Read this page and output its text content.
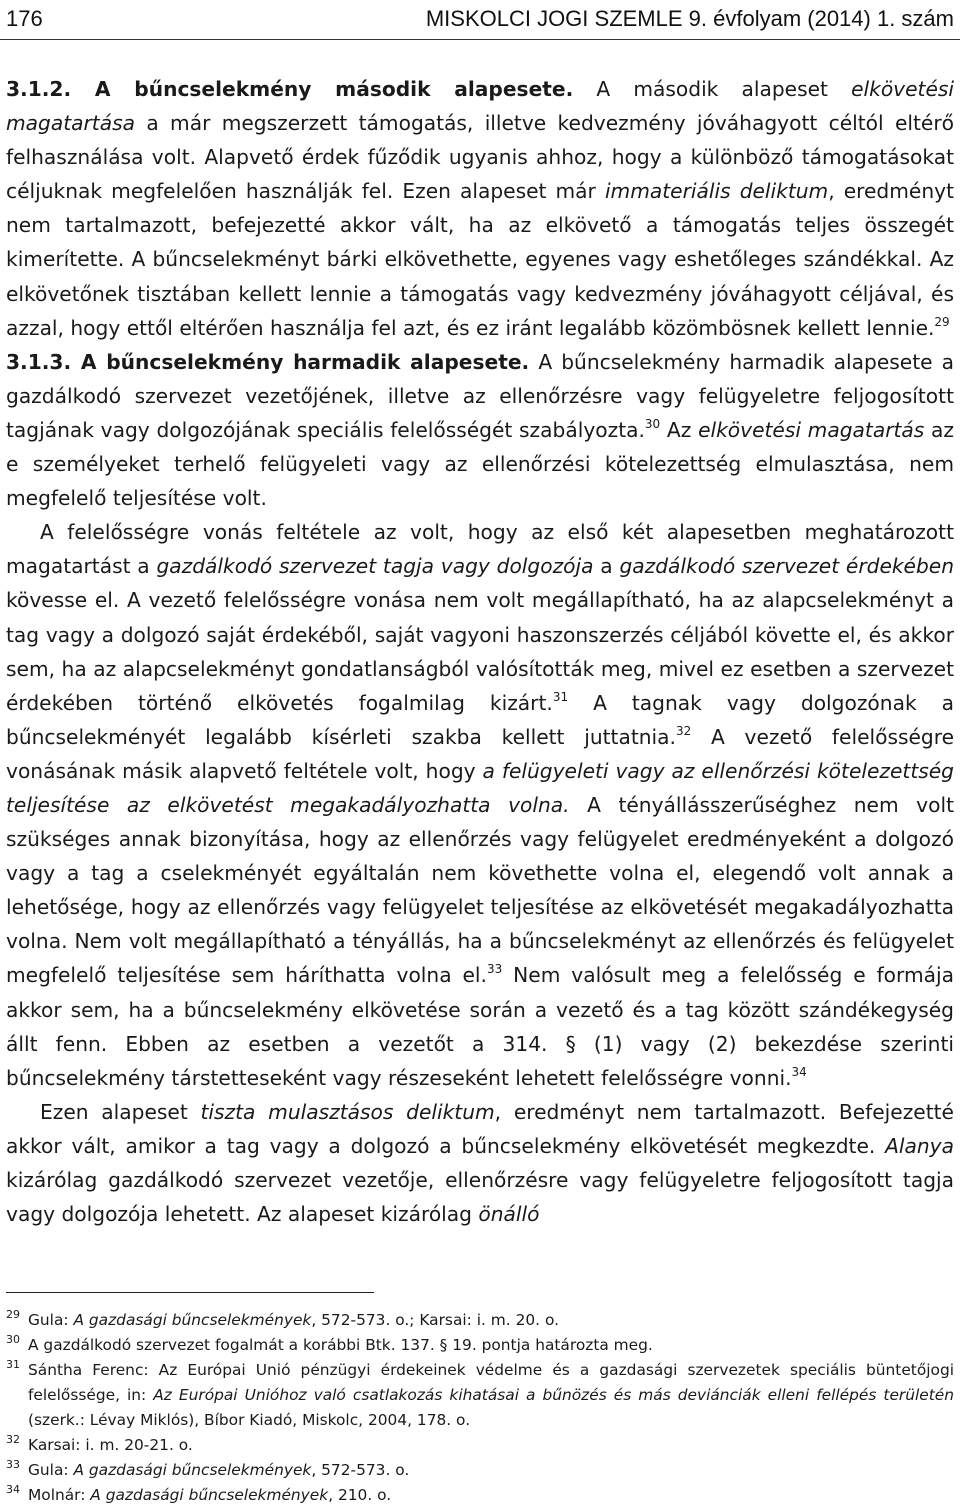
176	MISKOLCI JOGI SZEMLE 9. évfolyam (2014) 1. szám

3.1.2. A bűncselekmény második alapesete. A második alapeset elkövetési magatartása a már megszerzett támogatás, illetve kedvezmény jóváhagyott céltól eltérő felhasználása volt. Alapvető érdek fűződik ugyanis ahhoz, hogy a különböző támogatásokat céljuknak megfelelően használják fel. Ezen alapeset már immateriális deliktum, eredményt nem tartalmazott, befejezetté akkor vált, ha az elkövető a támogatás teljes összegét kimerítette. A bűncselekményt bárki elkövethette, egyenes vagy eshetőleges szándékkal. Az elkövetőnek tisztában kellett lennie a támogatás vagy kedvezmény jóváhagyott céljával, és azzal, hogy ettől eltérően használja fel azt, és ez iránt legalább közömbösnek kellett lennie.$^{29}$

3.1.3. A bűncselekmény harmadik alapesete. A bűncselekmény harmadik alapesete a gazdálkodó szervezet vezetőjének, illetve az ellenőrzésre vagy felügyeletre feljogosított tagjának vagy dolgozójának speciális felelősségét szabályozta.$^{30}$ Az elkövetési magatartás az e személyeket terhelő felügyeleti vagy az ellenőrzési kötelezettség elmulasztása, nem megfelelő teljesítése volt.

A felelősségre vonás feltétele az volt, hogy az első két alapesetben meghatározott magatartást a gazdálkodó szervezet tagja vagy dolgozója a gazdálkodó szervezet érdekében kövesse el. A vezető felelősségre vonása nem volt megállapítható, ha az alapcselekményt a tag vagy a dolgozó saját érdekéből, saját vagyoni haszonszerzés céljából követte el, és akkor sem, ha az alapcselekményt gondatlanságból valósították meg, mivel ez esetben a szervezet érdekében történő elkövetés fogalmilag kizárt.$^{31}$ A tagnak vagy dolgozónak a bűncselekményét legalább kísérleti szakba kellett juttatnia.$^{32}$ A vezető felelősségre vonásának másik alapvető feltétele volt, hogy a felügyeleti vagy az ellenőrzési kötelezettség teljesítése az elkövetést megakadályozhatta volna. A tényállásszerűséghez nem volt szükséges annak bizonyítása, hogy az ellenőrzés vagy felügyelet eredményeként a dolgozó vagy a tag a cselekményét egyáltalán nem követhette volna el, elegendő volt annak a lehetősége, hogy az ellenőrzés vagy felügyelet teljesítése az elkövetését megakadályozhatta volna. Nem volt megállapítható a tényállás, ha a bűncselekményt az ellenőrzés és felügyelet megfelelő teljesítése sem háríthatta volna el.$^{33}$ Nem valósult meg a felelősség e formája akkor sem, ha a bűncselekmény elkövetése során a vezető és a tag között szándékegység állt fenn. Ebben az esetben a vezetőt a 314. § (1) vagy (2) bekezdése szerinti bűncselekmény társtetteseként vagy részeseként lehetett felelősségre vonni.$^{34}$

Ezen alapeset tiszta mulasztásos deliktum, eredményt nem tartalmazott. Befejezetté akkor vált, amikor a tag vagy a dolgozó a bűncselekmény elkövetését megkezdte. Alanya kizárólag gazdálkodó szervezet vezetője, ellenőrzésre vagy felügyeletre feljogosított tagja vagy dolgozója lehetett. Az alapeset kizárólag önálló

29 Gula: A gazdasági bűncselekmények, 572-573. o.; Karsai: i. m. 20. o.
30 A gazdálkodó szervezet fogalmát a korábbi Btk. 137. § 19. pontja határozta meg.
31 Sántha Ferenc: Az Európai Unió pénzügyi érdekeinek védelme és a gazdasági szervezetek speciális büntetőjogi felelőssége, in: Az Európai Unióhoz való csatlakozás kihatásai a bűnözés és más deviánciák elleni fellépés területén (szerk.: Lévay Miklós), Bíbor Kiadó, Miskolc, 2004, 178. o.
32 Karsai: i. m. 20-21. o.
33 Gula: A gazdasági bűncselekmények, 572-573. o.
34 Molnár: A gazdasági bűncselekmények, 210. o.
